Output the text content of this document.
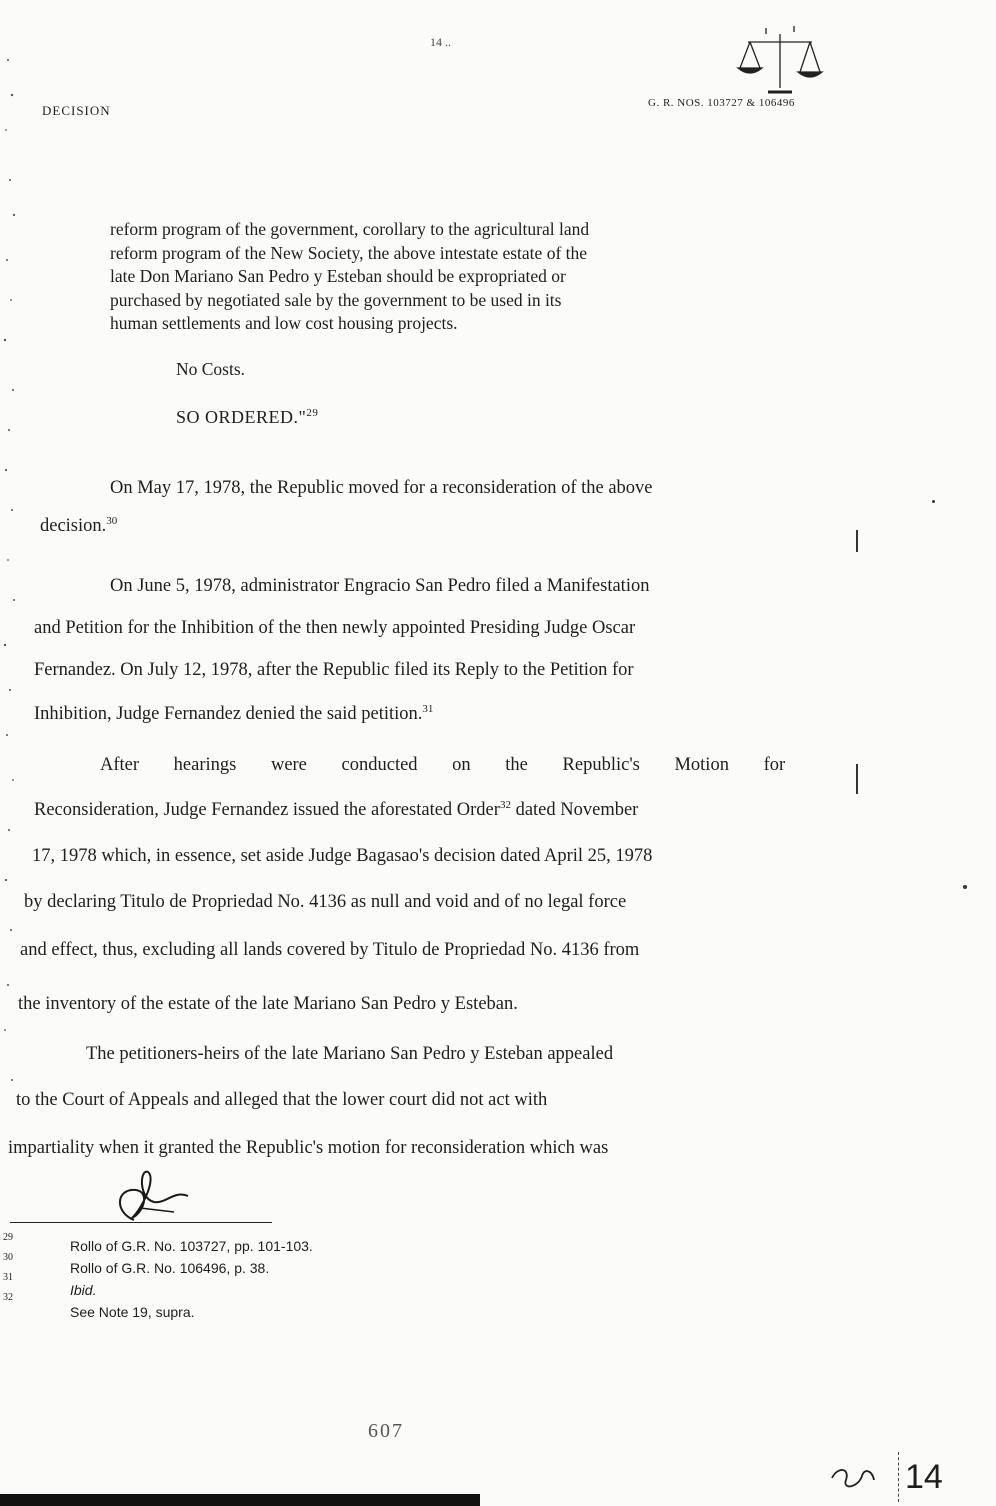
14 ..
DECISION	G. R. NOS. 103727 & 106496
reform program of the government, corollary to the agricultural land
reform program of the New Society, the above intestate estate of the
late Don Mariano San Pedro y Esteban should be expropriated or
purchased by negotiated sale by the government to be used in its
human settlements and low cost housing projects.
No Costs.
SO ORDERED."$^{29}$
On May 17, 1978, the Republic moved for a reconsideration of the above
decision.$^{30}$
On June 5, 1978, administrator Engracio San Pedro filed a Manifestation
and Petition for the Inhibition of the then newly appointed Presiding Judge Oscar
Fernandez. On July 12, 1978, after the Republic filed its Reply to the Petition for
Inhibition, Judge Fernandez denied the said petition.$^{31}$
After hearings were conducted on the Republic's Motion for
Reconsideration, Judge Fernandez issued the aforestated Order$^{32}$ dated November
17, 1978 which, in essence, set aside Judge Bagasao's decision dated April 25, 1978
by declaring Titulo de Propriedad No. 4136 as null and void and of no legal force
and effect, thus, excluding all lands covered by Titulo de Propriedad No. 4136 from
the inventory of the estate of the late Mariano San Pedro y Esteban.
The petitioners-heirs of the late Mariano San Pedro y Esteban appealed
to the Court of Appeals and alleged that the lower court did not act with
impartiality when it granted the Republic's motion for reconsideration which was
29
30
31
32
Rollo of G.R. No. 103727, pp. 101-103.
Rollo of G.R. No. 106496, p. 38.
Ibid.
See Note 19, supra.
607
14
